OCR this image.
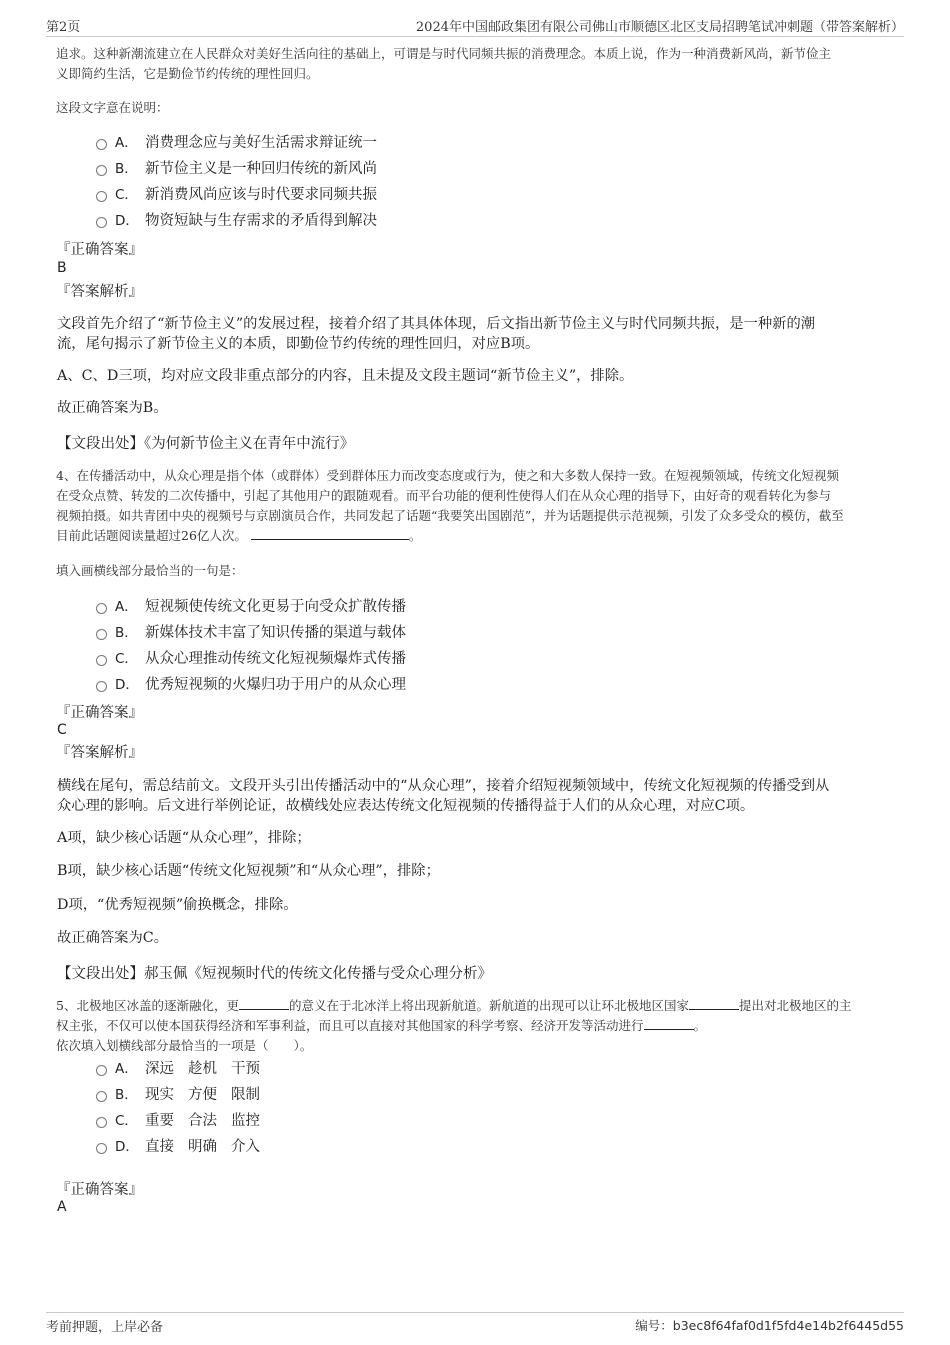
第2页	2024年中国邮政集团有限公司佛山市顺德区北区支局招聘笔试冲刺题（带答案解析）
追求。这种新潮流建立在人民群众对美好生活向往的基础上，可谓是与时代同频共振的消费理念。本质上说，作为一种消费新风尚，新节俭主
义即简约生活，它是勤俭节约传统的理性回归。
这段文字意在说明：
A． 消费理念应与美好生活需求辩证统一
B． 新节俭主义是一种回归传统的新风尚
C． 新消费风尚应该与时代要求同频共振
D． 物资短缺与生存需求的矛盾得到解决
『正确答案』
B
『答案解析』
文段首先介绍了“新节俭主义”的发展过程，接着介绍了其具体体现，后文指出新节俭主义与时代同频共振，是一种新的潮
流，尾句揭示了新节俭主义的本质，即勤俭节约传统的理性回归，对应B项。
A、C、D三项，均对应文段非重点部分的内容，且未提及文段主题词“新节俭主义”，排除。
故正确答案为B。
【文段出处】《为何新节俭主义在青年中流行》
4、在传播活动中，从众心理是指个体（或群体）受到群体压力而改变态度或行为，使之和大多数人保持一致。在短视频领域，传统文化短视频
在受众点赞、转发的二次传播中，引起了其他用户的跟随观看。而平台功能的便利性使得人们在从众心理的指导下，由好奇的观看转化为参与
视频拍摄。如共青团中央的视频号与京剧演员合作，共同发起了话题“我要笑出国剧范”，并为话题提供示范视频，引发了众多受众的模仿，截至
目前此话题阅读量超过26亿人次。	。
填入画横线部分最恰当的一句是：
A． 短视频使传统文化更易于向受众扩散传播
B． 新媒体技术丰富了知识传播的渠道与载体
C． 从众心理推动传统文化短视频爆炸式传播
D． 优秀短视频的火爆归功于用户的从众心理
『正确答案』
C
『答案解析』
横线在尾句，需总结前文。文段开头引出传播活动中的“从众心理”，接着介绍短视频领域中，传统文化短视频的传播受到从
众心理的影响。后文进行举例论证，故横线处应表达传统文化短视频的传播得益于人们的从众心理，对应C项。
A项，缺少核心话题“从众心理”，排除；
B项，缺少核心话题“传统文化短视频”和“从众心理”，排除；
D项，“优秀短视频”偷换概念，排除。
故正确答案为C。
【文段出处】郝玉佩《短视频时代的传统文化传播与受众心理分析》
5、北极地区冰盖的逐渐融化，更	的意义在于北冰洋上将出现新航道。新航道的出现可以让环北极地区国家	提出对北极地区的主
权主张，不仅可以使本国获得经济和军事利益，而且可以直接对其他国家的科学考察、经济开发等活动进行	。
依次填入划横线部分最恰当的一项是（　　）。
A． 深远 趁机 干预
B． 现实 方便 限制
C． 重要 合法 监控
D． 直接 明确 介入
『正确答案』
A
考前押题，上岸必备	编号：b3ec8f64faf0d1f5fd4e14b2f6445d55
